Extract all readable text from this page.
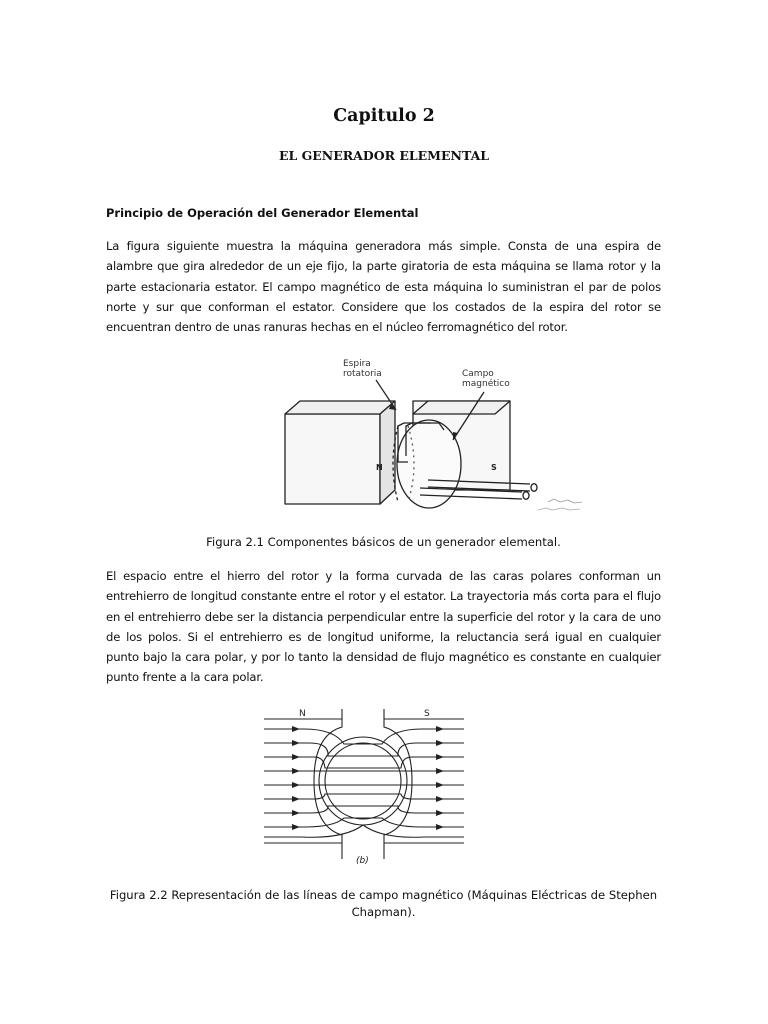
Capitulo 2
EL GENERADOR ELEMENTAL
Principio de Operación del Generador Elemental

La figura siguiente muestra la máquina generadora más simple. Consta de una espira de alambre que gira alrededor de un eje fijo, la parte giratoria de esta máquina se llama rotor y la parte estacionaria estator. El campo magnético de esta máquina lo suministran el par de polos norte y sur que conforman el estator. Considere que los costados de la espira del rotor se encuentran dentro de unas ranuras hechas en el núcleo ferromagnético del rotor.

Espira
rotatoria	Campo
magnético
N	S

Figura 2.1 Componentes básicos de un generador elemental.

El espacio entre el hierro del rotor y la forma curvada de las caras polares conforman un entrehierro de longitud constante entre el rotor y el estator. La trayectoria más corta para el flujo en el entrehierro debe ser la distancia perpendicular entre la superficie del rotor y la cara de uno de los polos. Si el entrehierro es de longitud uniforme, la reluctancia será igual en cualquier punto bajo la cara polar, y por lo tanto la densidad de flujo magnético es constante en cualquier punto frente a la cara polar.

N	S
(b)

Figura 2.2 Representación de las líneas de campo magnético (Máquinas Eléctricas de Stephen Chapman).
